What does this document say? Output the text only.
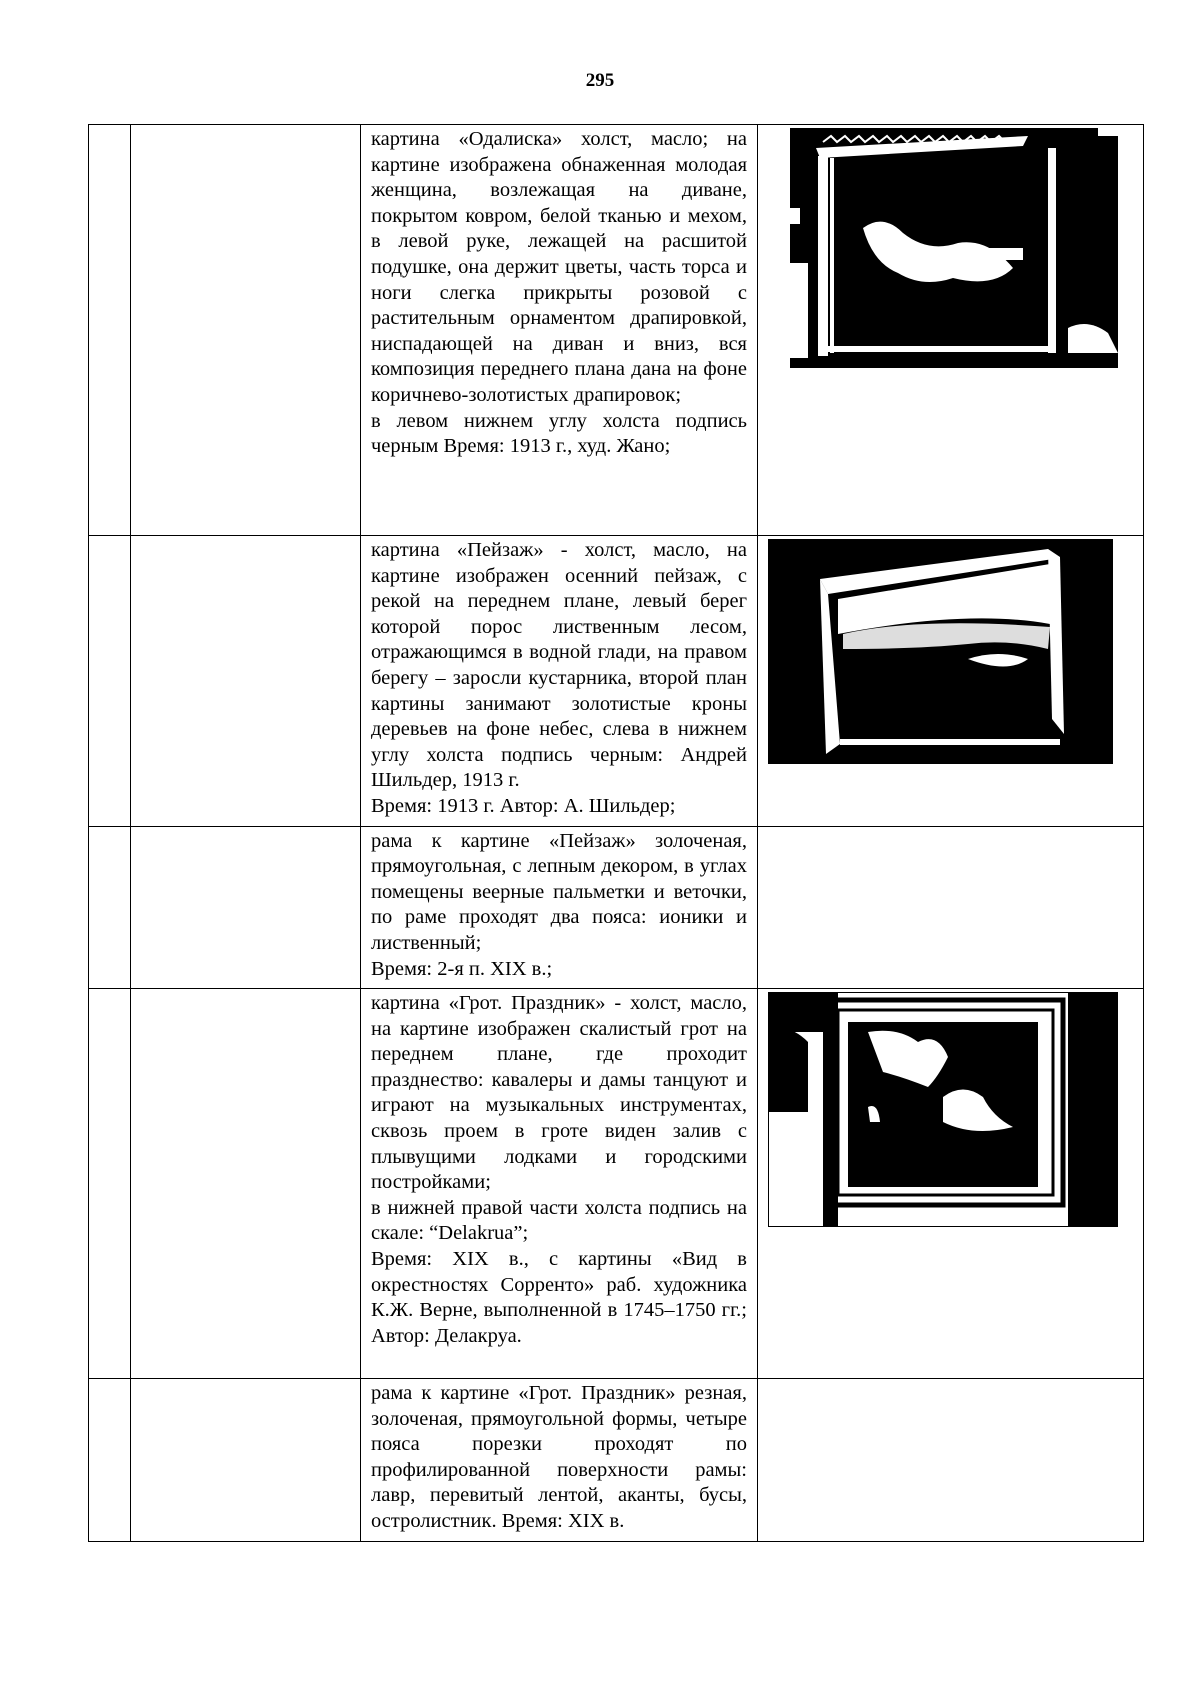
295

		картина «Одалиска» холст, масло; на картине изображена обнаженная молодая женщина, возлежащая на диване, покрытом ковром, белой тканью и мехом, в левой руке, лежащей на расшитой подушке, она держит цветы, часть торса и ноги слегка прикрыты розовой с растительным орнаментом драпировкой, ниспадающей на диван и вниз, вся композиция переднего плана дана на фоне коричнево-золотистых драпировок;

в левом нижнем углу холста подпись черным Время: 1913 г., худ. Жано;

		картина «Пейзаж» - холст, масло, на картине изображен осенний пейзаж, с рекой на переднем плане, левый берег которой порос лиственным лесом, отражающимся в водной глади, на правом берегу – заросли кустарника, второй план картины занимают золотистые кроны деревьев на фоне небес, слева в нижнем углу холста подпись черным: Андрей Шильдер, 1913 г.

Время: 1913 г. Автор: А. Шильдер;

		рама к картине «Пейзаж» золоченая, прямоугольная, с лепным декором, в углах помещены веерные пальметки и веточки, по раме проходят два пояса: ионики и лиственный;

Время: 2-я п. XIX в.;	

		картина «Грот. Праздник» - холст, масло, на картине изображен скалистый грот на переднем плане, где проходит празднество: кавалеры и дамы танцуют и играют на музыкальных инструментах, сквозь проем в гроте виден залив с плывущими лодками и городскими постройками;

в нижней правой части холста подпись на скале: “Delakrua”;

Время: XIX в., с картины «Вид в окрестностях Сорренто» раб. художника К.Ж. Верне, выполненной в 1745–1750 гг.; Автор: Делакруа.

		рама к картине «Грот. Праздник» резная, золоченая, прямоугольной формы, четыре пояса порезки проходят по профилированной поверхности рамы: лавр, перевитый лентой, аканты, бусы, остролистник. Время: XIX в.	
